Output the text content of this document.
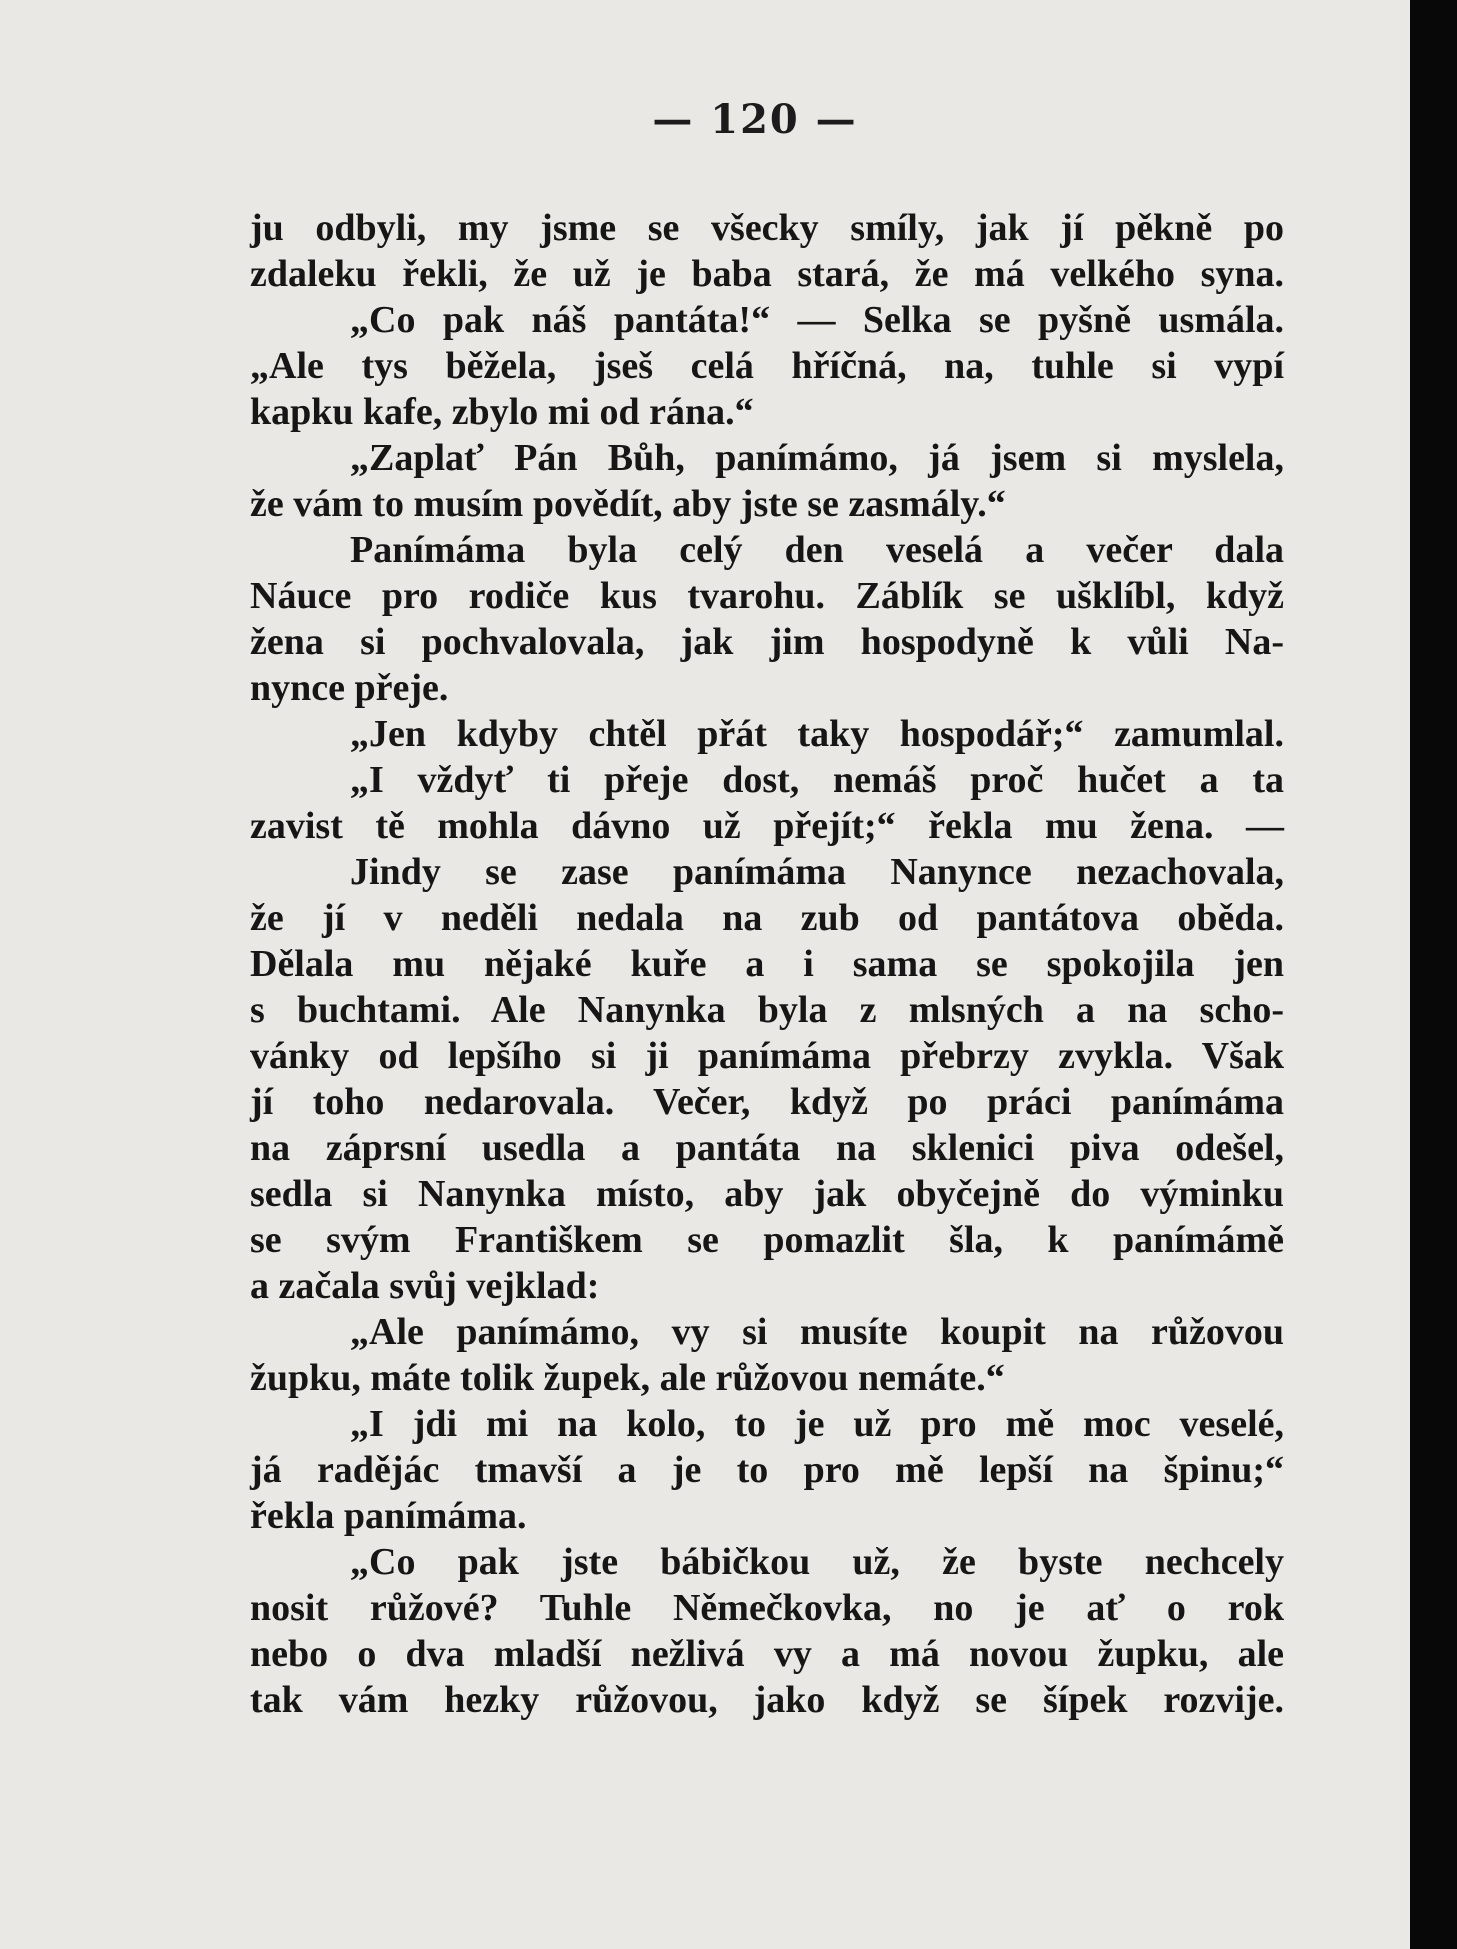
— 120 —
ju odbyli, my jsme se všecky smíly, jak jí pěkně po
zdaleku řekli, že už je baba stará, že má velkého syna.
„Co pak náš pantáta!“ — Selka se pyšně usmála.
„Ale tys běžela, jseš celá hříčná, na, tuhle si vypí
kapku kafe, zbylo mi od rána.“
„Zaplať Pán Bůh, panímámo, já jsem si myslela,
že vám to musím povědít, aby jste se zasmály.“
Panímáma byla celý den veselá a večer dala
Náuce pro rodiče kus tvarohu. Záblík se ušklíbl, když
žena si pochvalovala, jak jim hospodyně k vůli Na-
nynce přeje.
„Jen kdyby chtěl přát taky hospodář;“ zamumlal.
„I vždyť ti přeje dost, nemáš proč hučet a ta
zavist tě mohla dávno už přejít;“ řekla mu žena. —
Jindy se zase panímáma Nanynce nezachovala,
že jí v neděli nedala na zub od pantátova oběda.
Dělala mu nějaké kuře a i sama se spokojila jen
s buchtami. Ale Nanynka byla z mlsných a na scho-
vánky od lepšího si ji panímáma přebrzy zvykla. Však
jí toho nedarovala. Večer, když po práci panímáma
na záprsní usedla a pantáta na sklenici piva odešel,
sedla si Nanynka místo, aby jak obyčejně do výminku
se svým Františkem se pomazlit šla, k panímámě
a začala svůj vejklad:
„Ale panímámo, vy si musíte koupit na růžovou
župku, máte tolik župek, ale růžovou nemáte.“
„I jdi mi na kolo, to je už pro mě moc veselé,
já radějác tmavší a je to pro mě lepší na špinu;“
řekla panímáma.
„Co pak jste bábičkou už, že byste nechcely
nosit růžové? Tuhle Němečkovka, no je ať o rok
nebo o dva mladší nežlivá vy a má novou župku, ale
tak vám hezky růžovou, jako když se šípek rozvije.
